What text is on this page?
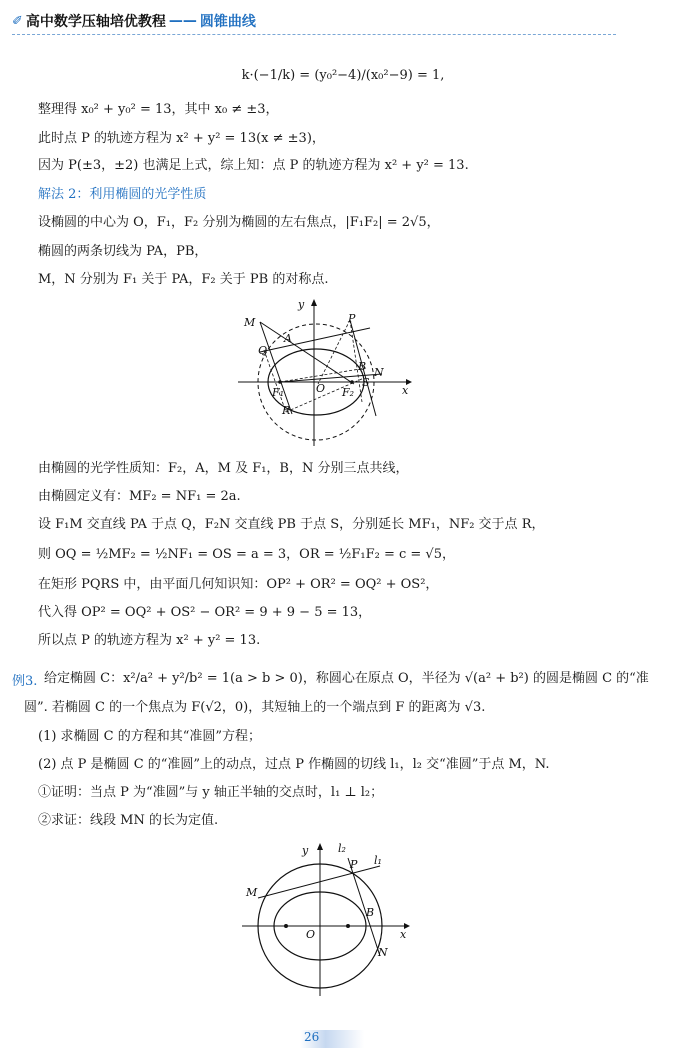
✐ 高中数学压轴培优教程 —— 圆锥曲线
k·(−1/k) = (y₀²−4)/(x₀²−9) = 1,
整理得 x₀² + y₀² = 13，其中 x₀ ≠ ±3，
此时点 P 的轨迹方程为 x² + y² = 13(x ≠ ±3)，
因为 P(±3，±2) 也满足上式，综上知：点 P 的轨迹方程为 x² + y² = 13.
解法 2：利用椭圆的光学性质
设椭圆的中心为 O，F₁，F₂ 分别为椭圆的左右焦点，|F₁F₂| = 2√5，
椭圆的两条切线为 PA，PB，
M，N 分别为 F₁ 关于 PA，F₂ 关于 PB 的对称点.
M	P
Q
A
B N
S
O
F₁	F₂
R
x
y
由椭圆的光学性质知：F₂，A，M 及 F₁，B，N 分别三点共线，
由椭圆定义有：MF₂ = NF₁ = 2a.
设 F₁M 交直线 PA 于点 Q，F₂N 交直线 PB 于点 S，分别延长 MF₁，NF₂ 交于点 R，
则 OQ = ½MF₂ = ½NF₁ = OS = a = 3，OR = ½F₁F₂ = c = √5，
在矩形 PQRS 中，由平面几何知识知：OP² + OR² = OQ² + OS²，
代入得 OP² = OQ² + OS² − OR² = 9 + 9 − 5 = 13，
所以点 P 的轨迹方程为 x² + y² = 13.
例3. 给定椭圆 C：x²/a² + y²/b² = 1(a > b > 0)，称圆心在原点 O，半径为 √(a² + b²) 的圆是椭圆 C 的“准
圆”. 若椭圆 C 的一个焦点为 F(√2，0)，其短轴上的一个端点到 F 的距离为 √3.
(1) 求椭圆 C 的方程和其“准圆”方程；
(2) 点 P 是椭圆 C 的“准圆”上的动点，过点 P 作椭圆的切线 l₁，l₂ 交“准圆”于点 M，N.
①证明：当点 P 为“准圆”与 y 轴正半轴的交点时，l₁ ⊥ l₂；
②求证：线段 MN 的长为定值.
y	l₂
l₁
P
M
B
O	x
N
26
